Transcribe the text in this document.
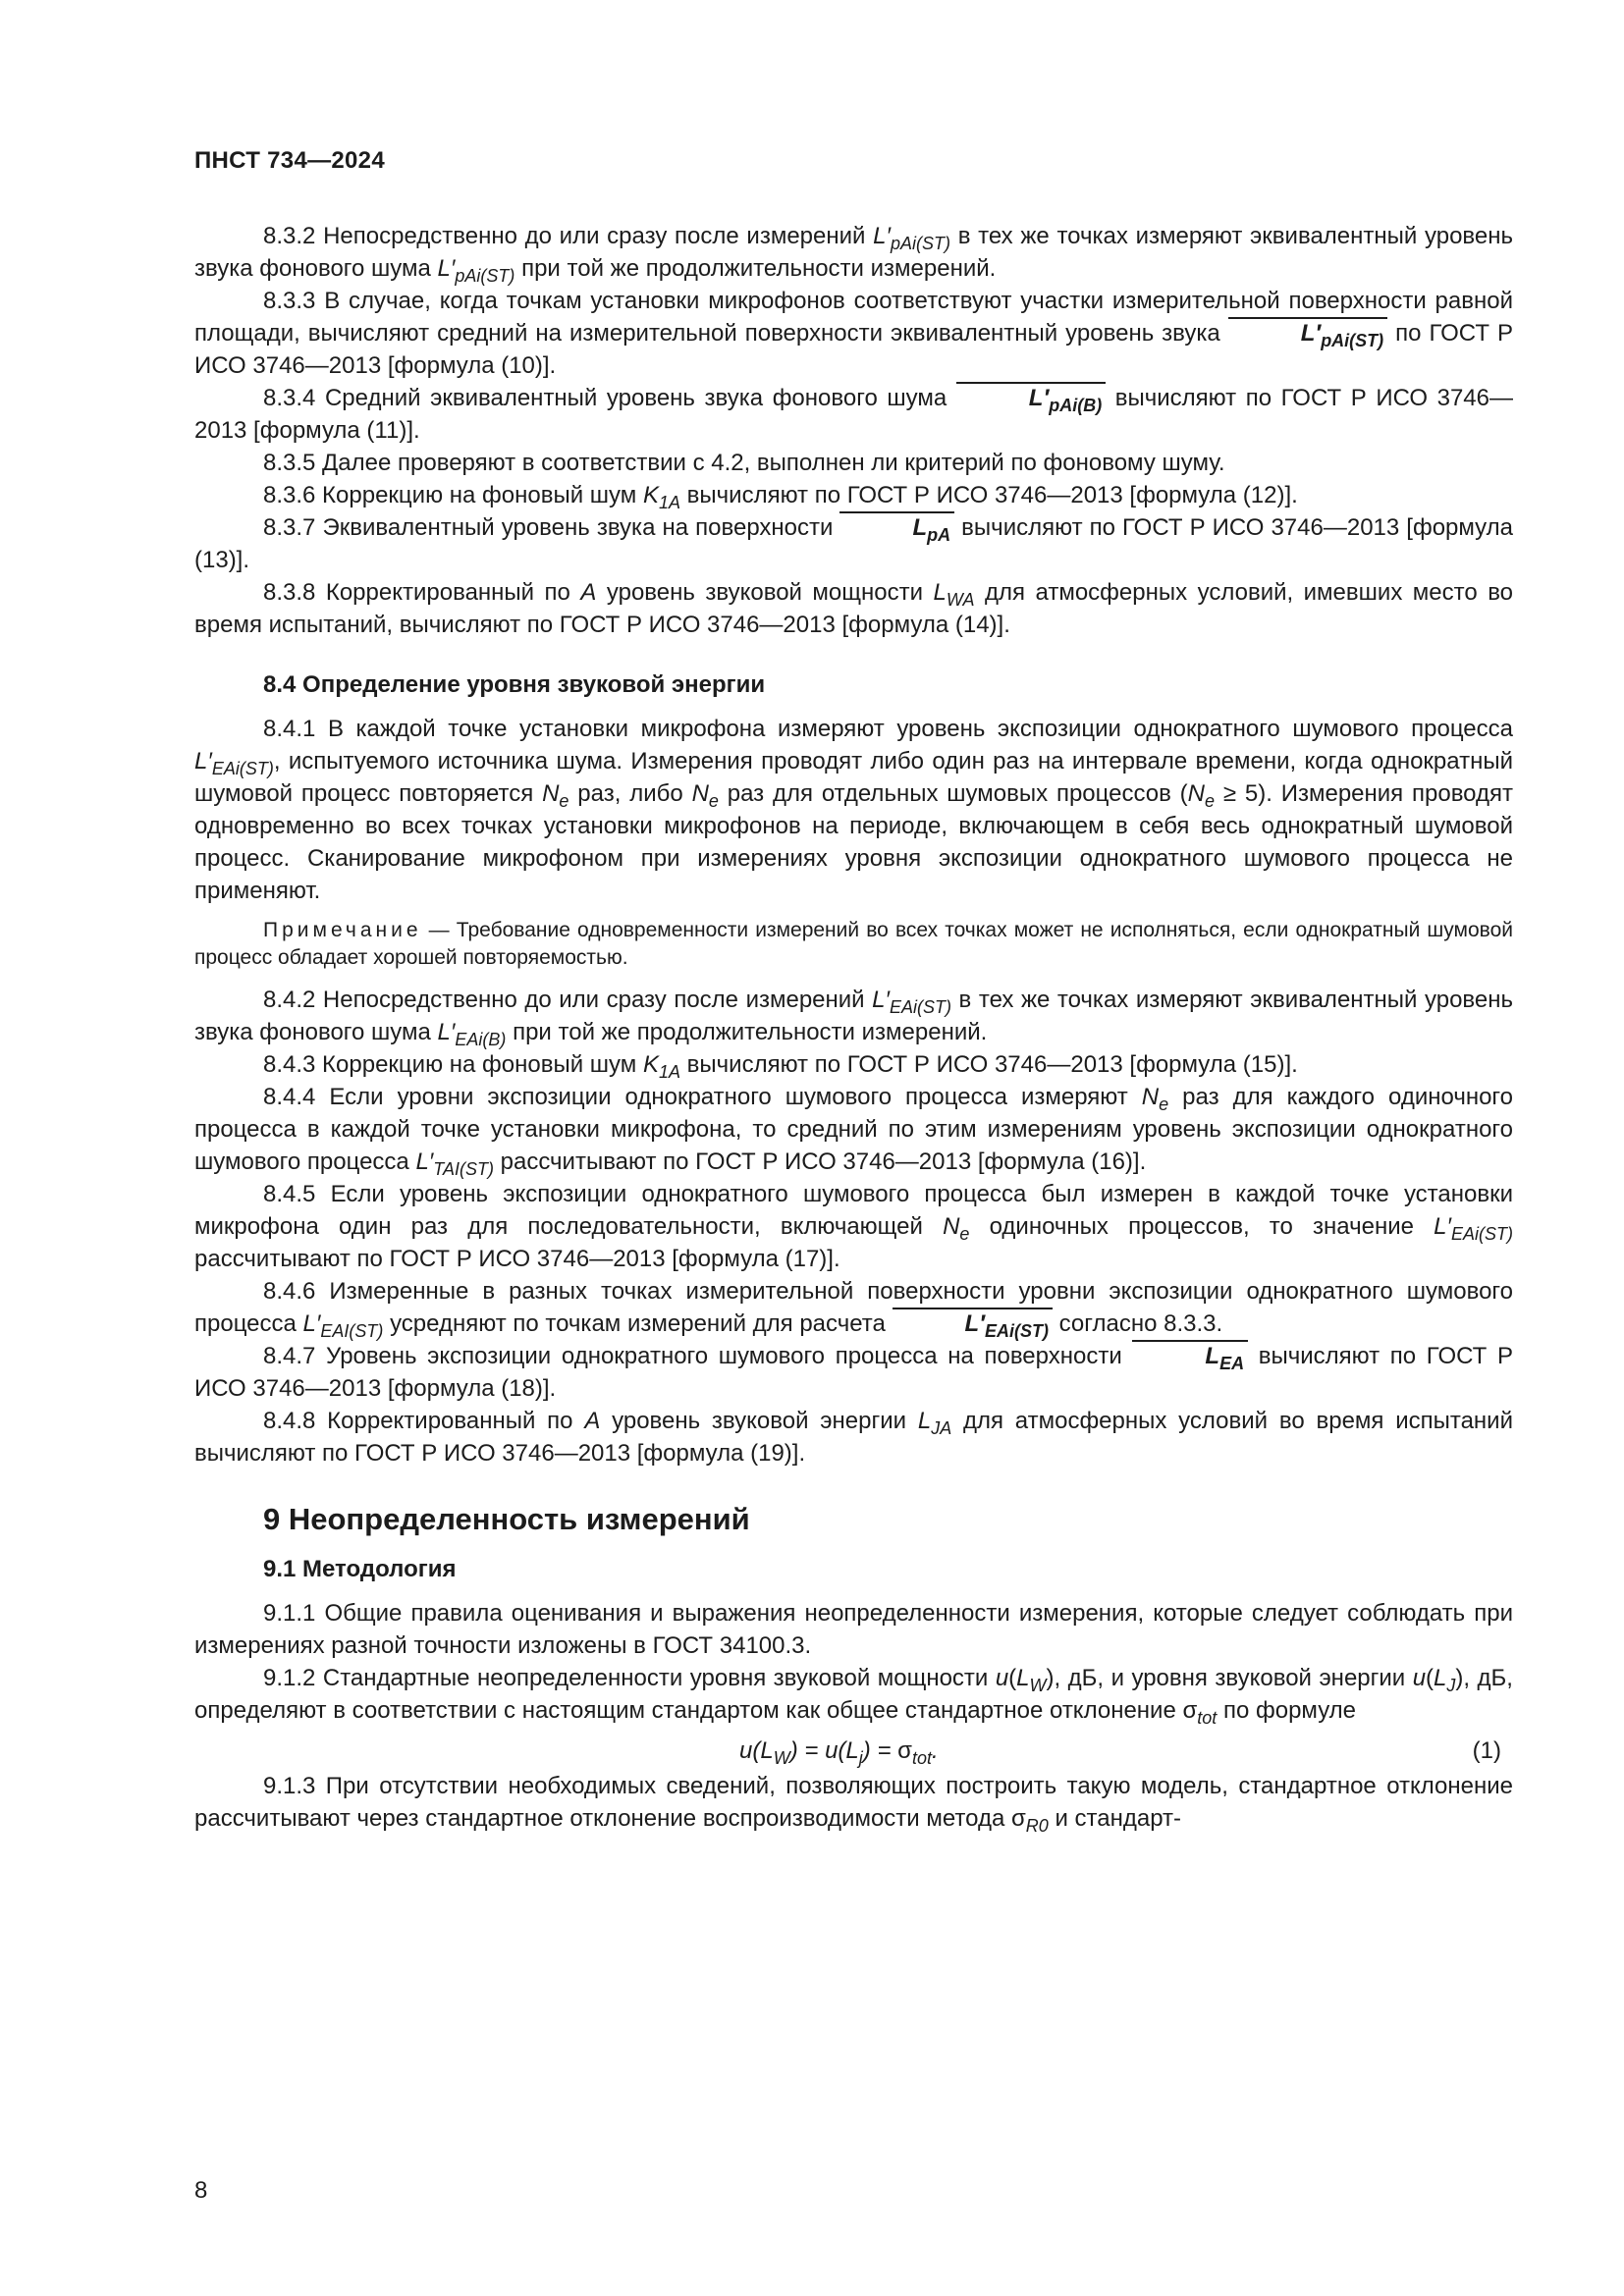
ПНСТ 734—2024

8.3.2 Непосредственно до или сразу после измерений $L'_{pAi(ST)}$ в тех же точках измеряют эквивалентный уровень звука фонового шума $L'_{pAi(ST)}$ при той же продолжительности измерений.

8.3.3 В случае, когда точкам установки микрофонов соответствуют участки измерительной поверхности равной площади, вычисляют средний на измерительной поверхности эквивалентный уровень звука	$L'_{pAi(ST)}$ по ГОСТ Р ИСО 3746—2013 [формула (10)].

8.3.4 Средний эквивалентный уровень звука фонового шума	$L'_{pAi(B)}$ вычисляют по ГОСТ Р ИСО 3746—2013 [формула (11)].

8.3.5 Далее проверяют в соответствии с 4.2, выполнен ли критерий по фоновому шуму.

8.3.6 Коррекцию на фоновый шум $K_{1A}$ вычисляют по ГОСТ Р ИСО 3746—2013 [формула (12)].

8.3.7 Эквивалентный уровень звука на поверхности	$L_{pA}$ вычисляют по ГОСТ Р ИСО 3746—2013 [формула (13)].

8.3.8 Корректированный по A уровень звуковой мощности $L_{WA}$ для атмосферных условий, имевших место во время испытаний, вычисляют по ГОСТ Р ИСО 3746—2013 [формула (14)].

8.4 Определение уровня звуковой энергии

8.4.1 В каждой точке установки микрофона измеряют уровень экспозиции однократного шумового процесса $L'_{EAi(ST)}$, испытуемого источника шума. Измерения проводят либо один раз на интервале времени, когда однократный шумовой процесс повторяется $N_e$ раз, либо $N_e$ раз для отдельных шумовых процессов $(N_e \ge 5)$. Измерения проводят одновременно во всех точках установки микрофонов на периоде, включающем в себя весь однократный шумовой процесс. Сканирование микрофоном при измерениях уровня экспозиции однократного шумового процесса не применяют.

Примечание — Требование одновременности измерений во всех точках может не исполняться, если однократный шумовой процесс обладает хорошей повторяемостью.

8.4.2 Непосредственно до или сразу после измерений $L'_{EAi(ST)}$ в тех же точках измеряют эквивалентный уровень звука фонового шума $L'_{EAi(B)}$ при той же продолжительности измерений.

8.4.3 Коррекцию на фоновый шум $K_{1A}$ вычисляют по ГОСТ Р ИСО 3746—2013 [формула (15)].

8.4.4 Если уровни экспозиции однократного шумового процесса измеряют $N_e$ раз для каждого одиночного процесса в каждой точке установки микрофона, то средний по этим измерениям уровень экспозиции однократного шумового процесса $L'_{TAI(ST)}$ рассчитывают по ГОСТ Р ИСО 3746—2013 [формула (16)].

8.4.5 Если уровень экспозиции однократного шумового процесса был измерен в каждой точке установки микрофона один раз для последовательности, включающей $N_e$ одиночных процессов, то значение $L'_{EAi(ST)}$ рассчитывают по ГОСТ Р ИСО 3746—2013 [формула (17)].

8.4.6 Измеренные в разных точках измерительной поверхности уровни экспозиции однократного шумового процесса $L'_{EAI(ST)}$ усредняют по точкам измерений для расчета	$L'_{EAi(ST)}$ согласно 8.3.3.

8.4.7 Уровень экспозиции однократного шумового процесса на поверхности	$L_{EA}$ вычисляют по ГОСТ Р ИСО 3746—2013 [формула (18)].

8.4.8 Корректированный по A уровень звуковой энергии $L_{JA}$ для атмосферных условий во время испытаний вычисляют по ГОСТ Р ИСО 3746—2013 [формула (19)].

9 Неопределенность измерений

9.1 Методология

9.1.1 Общие правила оценивания и выражения неопределенности измерения, которые следует соблюдать при измерениях разной точности изложены в ГОСТ 34100.3.

9.1.2 Стандартные неопределенности уровня звуковой мощности $u(L_W)$, дБ, и уровня звуковой энергии $u(L_J)$, дБ, определяют в соответствии с настоящим стандартом как общее стандартное отклонение $\sigma_{tot}$ по формуле

$u(L_W) = u(L_j) = \sigma_{tot}$.	(1)

9.1.3 При отсутствии необходимых сведений, позволяющих построить такую модель, стандартное отклонение рассчитывают через стандартное отклонение воспроизводимости метода $\sigma_{R0}$ и стандарт-

8
